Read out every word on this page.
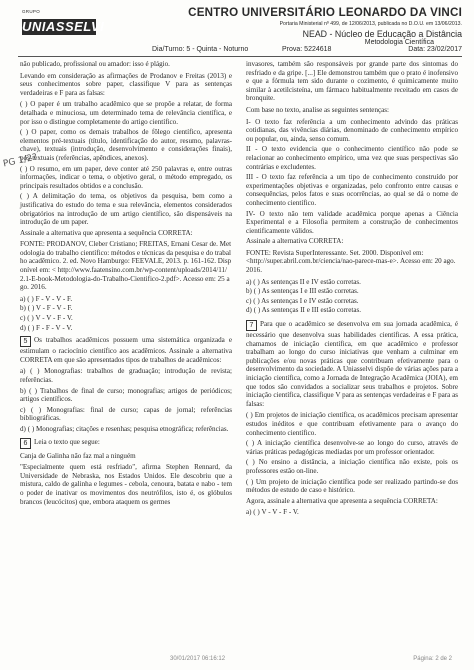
GRUPO
UNIASSELVI
CENTRO UNIVERSITÁRIO LEONARDO DA VINCI
Portaria Ministerial nº 499, de 12/06/2013, publicada no D.O.U. em 13/06/2013.
NEAD - Núcleo de Educação a Distância
Metodologia Científica
Dia/Turno: 5 - Quinta - Noturno	Prova: 5224618	Data: 23/02/2017
PG 1/2?

não publicado, profissional ou amador: isso é plágio.

Levando em consideração as afirmações de Prodanov e Freitas (2013) e seus conhecimentos sobre paper, classifique V para as sentenças verdadeiras e F para as falsas:

( ) O paper é um trabalho acadêmico que se propõe a relatar, de forma detalhada e minuciosa, um determinado tema de relevância científica, e por isso o distingue completamente do artigo científico.

( ) O paper, como os demais trabalhos de fôlego científico, apresenta elementos pré-textuais (título, identificação do autor, resumo, palavras-chave), textuais (introdução, desenvolvimento e considerações finais), pós-textuais (referências, apêndices, anexos).

( ) O resumo, em um paper, deve conter até 250 palavras e, entre outras informações, indicar o tema, o objetivo geral, o método empregado, os principais resultados obtidos e a conclusão.

( ) A delimitação do tema, os objetivos da pesquisa, bem como a justificativa do estudo do tema e sua relevância, elementos considerados obrigatórios na introdução de um artigo científico, são dispensáveis na introdução de um paper.

Assinale a alternativa que apresenta a sequência CORRETA:

FONTE: PRODANOV, Cleber Cristiano; FREITAS, Ernani Cesar de. Metodologia do trabalho científico: métodos e técnicas da pesquisa e do trabalho acadêmico. 2. ed. Novo Hamburgo: FEEVALE, 2013. p. 161-162. Disponível em: < http://www.faatensino.com.br/wp-content/uploads/2014/11/2.1-E-book-Metodologia-do-Trabalho-Cientifico-2.pdf>. Acesso em: 25 ago. 2016.

a) ( ) F - V - V - F.
b) ( ) V - F - V - F.
c) ( ) V - V - F - V.
d) ( ) F - F - V - V.

5 Os trabalhos acadêmicos possuem uma sistemática organizada e estimulam o raciocínio científico aos acadêmicos. Assinale a alternativa CORRETA em que são apresentados tipos de trabalhos de acadêmicos:

a) ( ) Monografias: trabalhos de graduação; introdução de revista; referências.

b) ( ) Trabalhos de final de curso; monografias; artigos de periódicos; artigos científicos.

c) ( ) Monografias: final de curso; capas de jornal; referências bibliográficas.

d) ( ) Monografias; citações e resenhas; pesquisa etnográfica; referências.

6 Leia o texto que segue:

Canja de Galinha não faz mal a ninguém

"Especialmente quem está resfriado", afirma Stephen Rennard, da Universidade de Nebraska, nos Estados Unidos. Ele descobriu que a mistura, caldo de galinha e legumes - cebola, cenoura, batata e nabo - tem o poder de inativar os movimentos dos neutrófilos, isto é, os glóbulos brancos (leucócitos) que, embora ataquem os germes

invasores, também são responsáveis por grande parte dos sintomas do resfriado e da gripe. [...] Ele demonstrou também que o prato é inofensivo e que a fórmula tem sido durante o cozimento, é quimicamente muito similar à acetilcisteína, um fármaco habitualmente receitado em casos de bronquite.

Com base no texto, analise as seguintes sentenças:

I- O texto faz referência a um conhecimento advindo das práticas cotidianas, das vivências diárias, denominado de conhecimento empírico ou popular, ou, ainda, senso comum.

II - O texto evidencia que o conhecimento científico não pode se relacionar ao conhecimento empírico, uma vez que suas perspectivas são contrárias e excludentes.

III - O texto faz referência a um tipo de conhecimento construído por experimentações objetivas e organizadas, pelo confronto entre causas e consequências, pelos fatos e suas ocorrências, ao qual se dá o nome de conhecimento científico.

IV- O texto não tem validade acadêmica porque apenas a Ciência Experimental e a Filosofia permitem a construção de conhecimentos cientificamente válidos.

Assinale a alternativa CORRETA:

FONTE: Revista SuperInteressante. Set. 2000. Disponível em: <http://super.abril.com.br/ciencia/nao-parece-mas-e>. Acesso em: 20 ago. 2016.

a) ( ) As sentenças II e IV estão corretas.
b) ( ) As sentenças I e III estão corretas.
c) ( ) As sentenças I e IV estão corretas.
d) ( ) As sentenças II e III estão corretas.

7 Para que o acadêmico se desenvolva em sua jornada acadêmica, é necessário que desenvolva suas habilidades científicas. A essa prática, chamamos de iniciação científica, em que acadêmico e professor trabalham ao longo do curso iniciativas que venham a culminar em publicações e/ou novas práticas que contribuam efetivamente para o desenvolvimento da sociedade. A Uniasselvi dispõe de várias ações para a iniciação científica, como a Jornada de Integração Acadêmica (JOIA), em que todos são convidados a socializar seus trabalhos e projetos. Sobre iniciação científica, classifique V para as sentenças verdadeiras e F para as falsas:

( ) Em projetos de iniciação científica, os acadêmicos precisam apresentar estudos inéditos e que contribuam efetivamente para o avanço do conhecimento científico.

( ) A iniciação científica desenvolve-se ao longo do curso, através de várias práticas pedagógicas mediadas por um professor orientador.

( ) No ensino a distância, a iniciação científica não existe, pois os professores estão on-line.

( ) Um projeto de iniciação científica pode ser realizado partindo-se dos métodos de estudo de caso e histórico.

Agora, assinale a alternativa que apresenta a sequência CORRETA:

a) ( ) V - V - F - V.
30/01/2017 06:16:12	Página: 2 de 2
